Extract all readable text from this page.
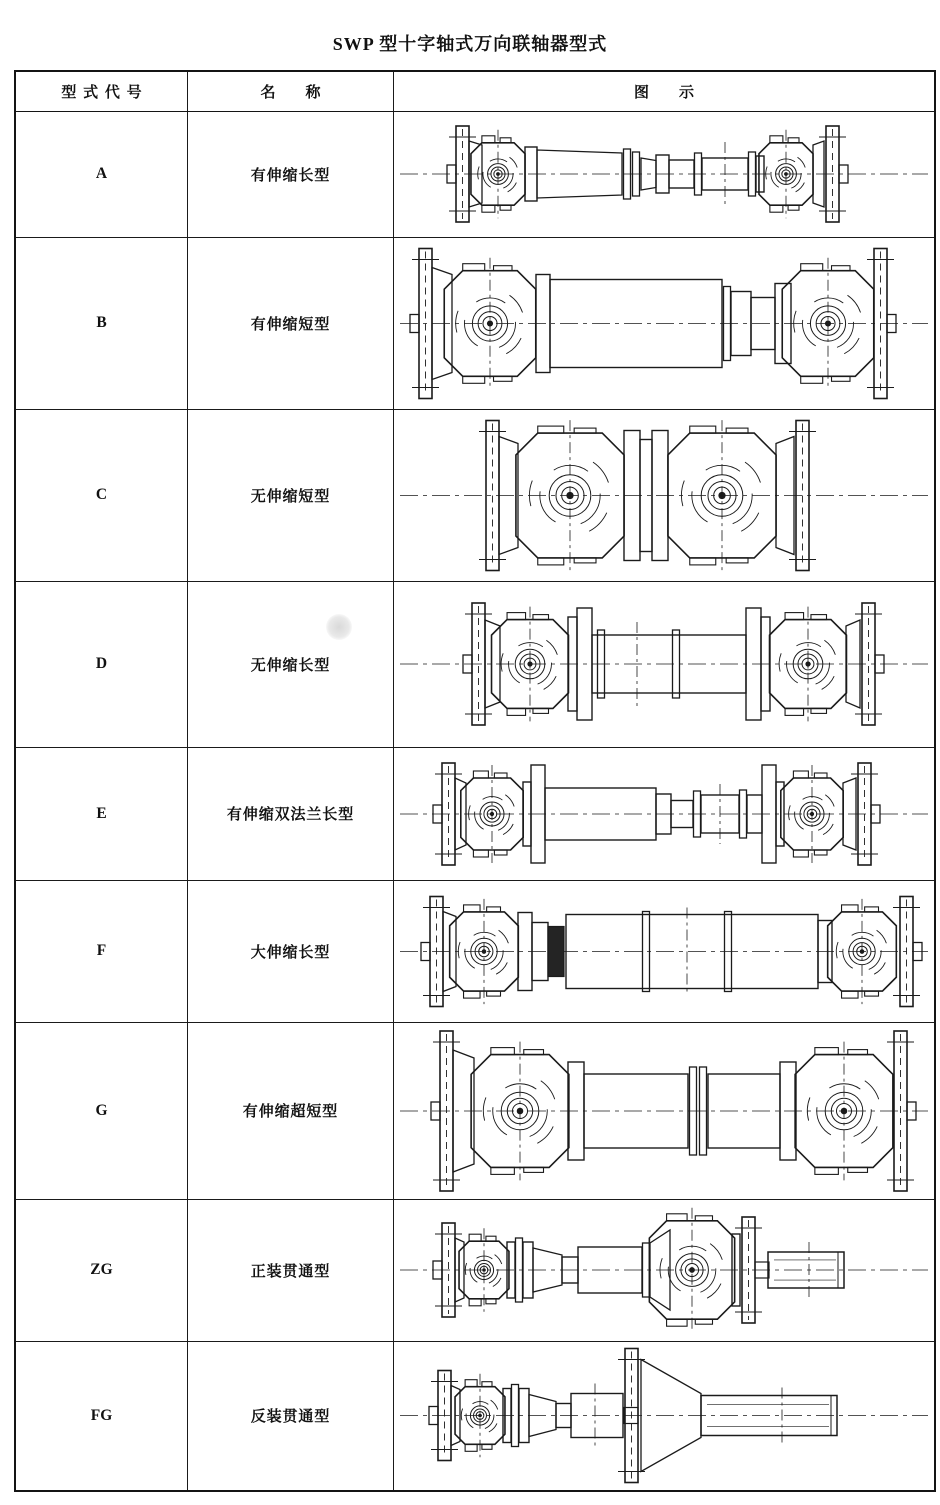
SWP 型十字轴式万向联轴器型式
型式代号	名称	图示
A	有伸缩长型	

B	有伸缩短型	

C	无伸缩短型	

D	无伸缩长型

E	有伸缩双法兰长型	

F	大伸缩长型	

G	有伸缩超短型	

ZG	正装贯通型	

FG	反装贯通型	
